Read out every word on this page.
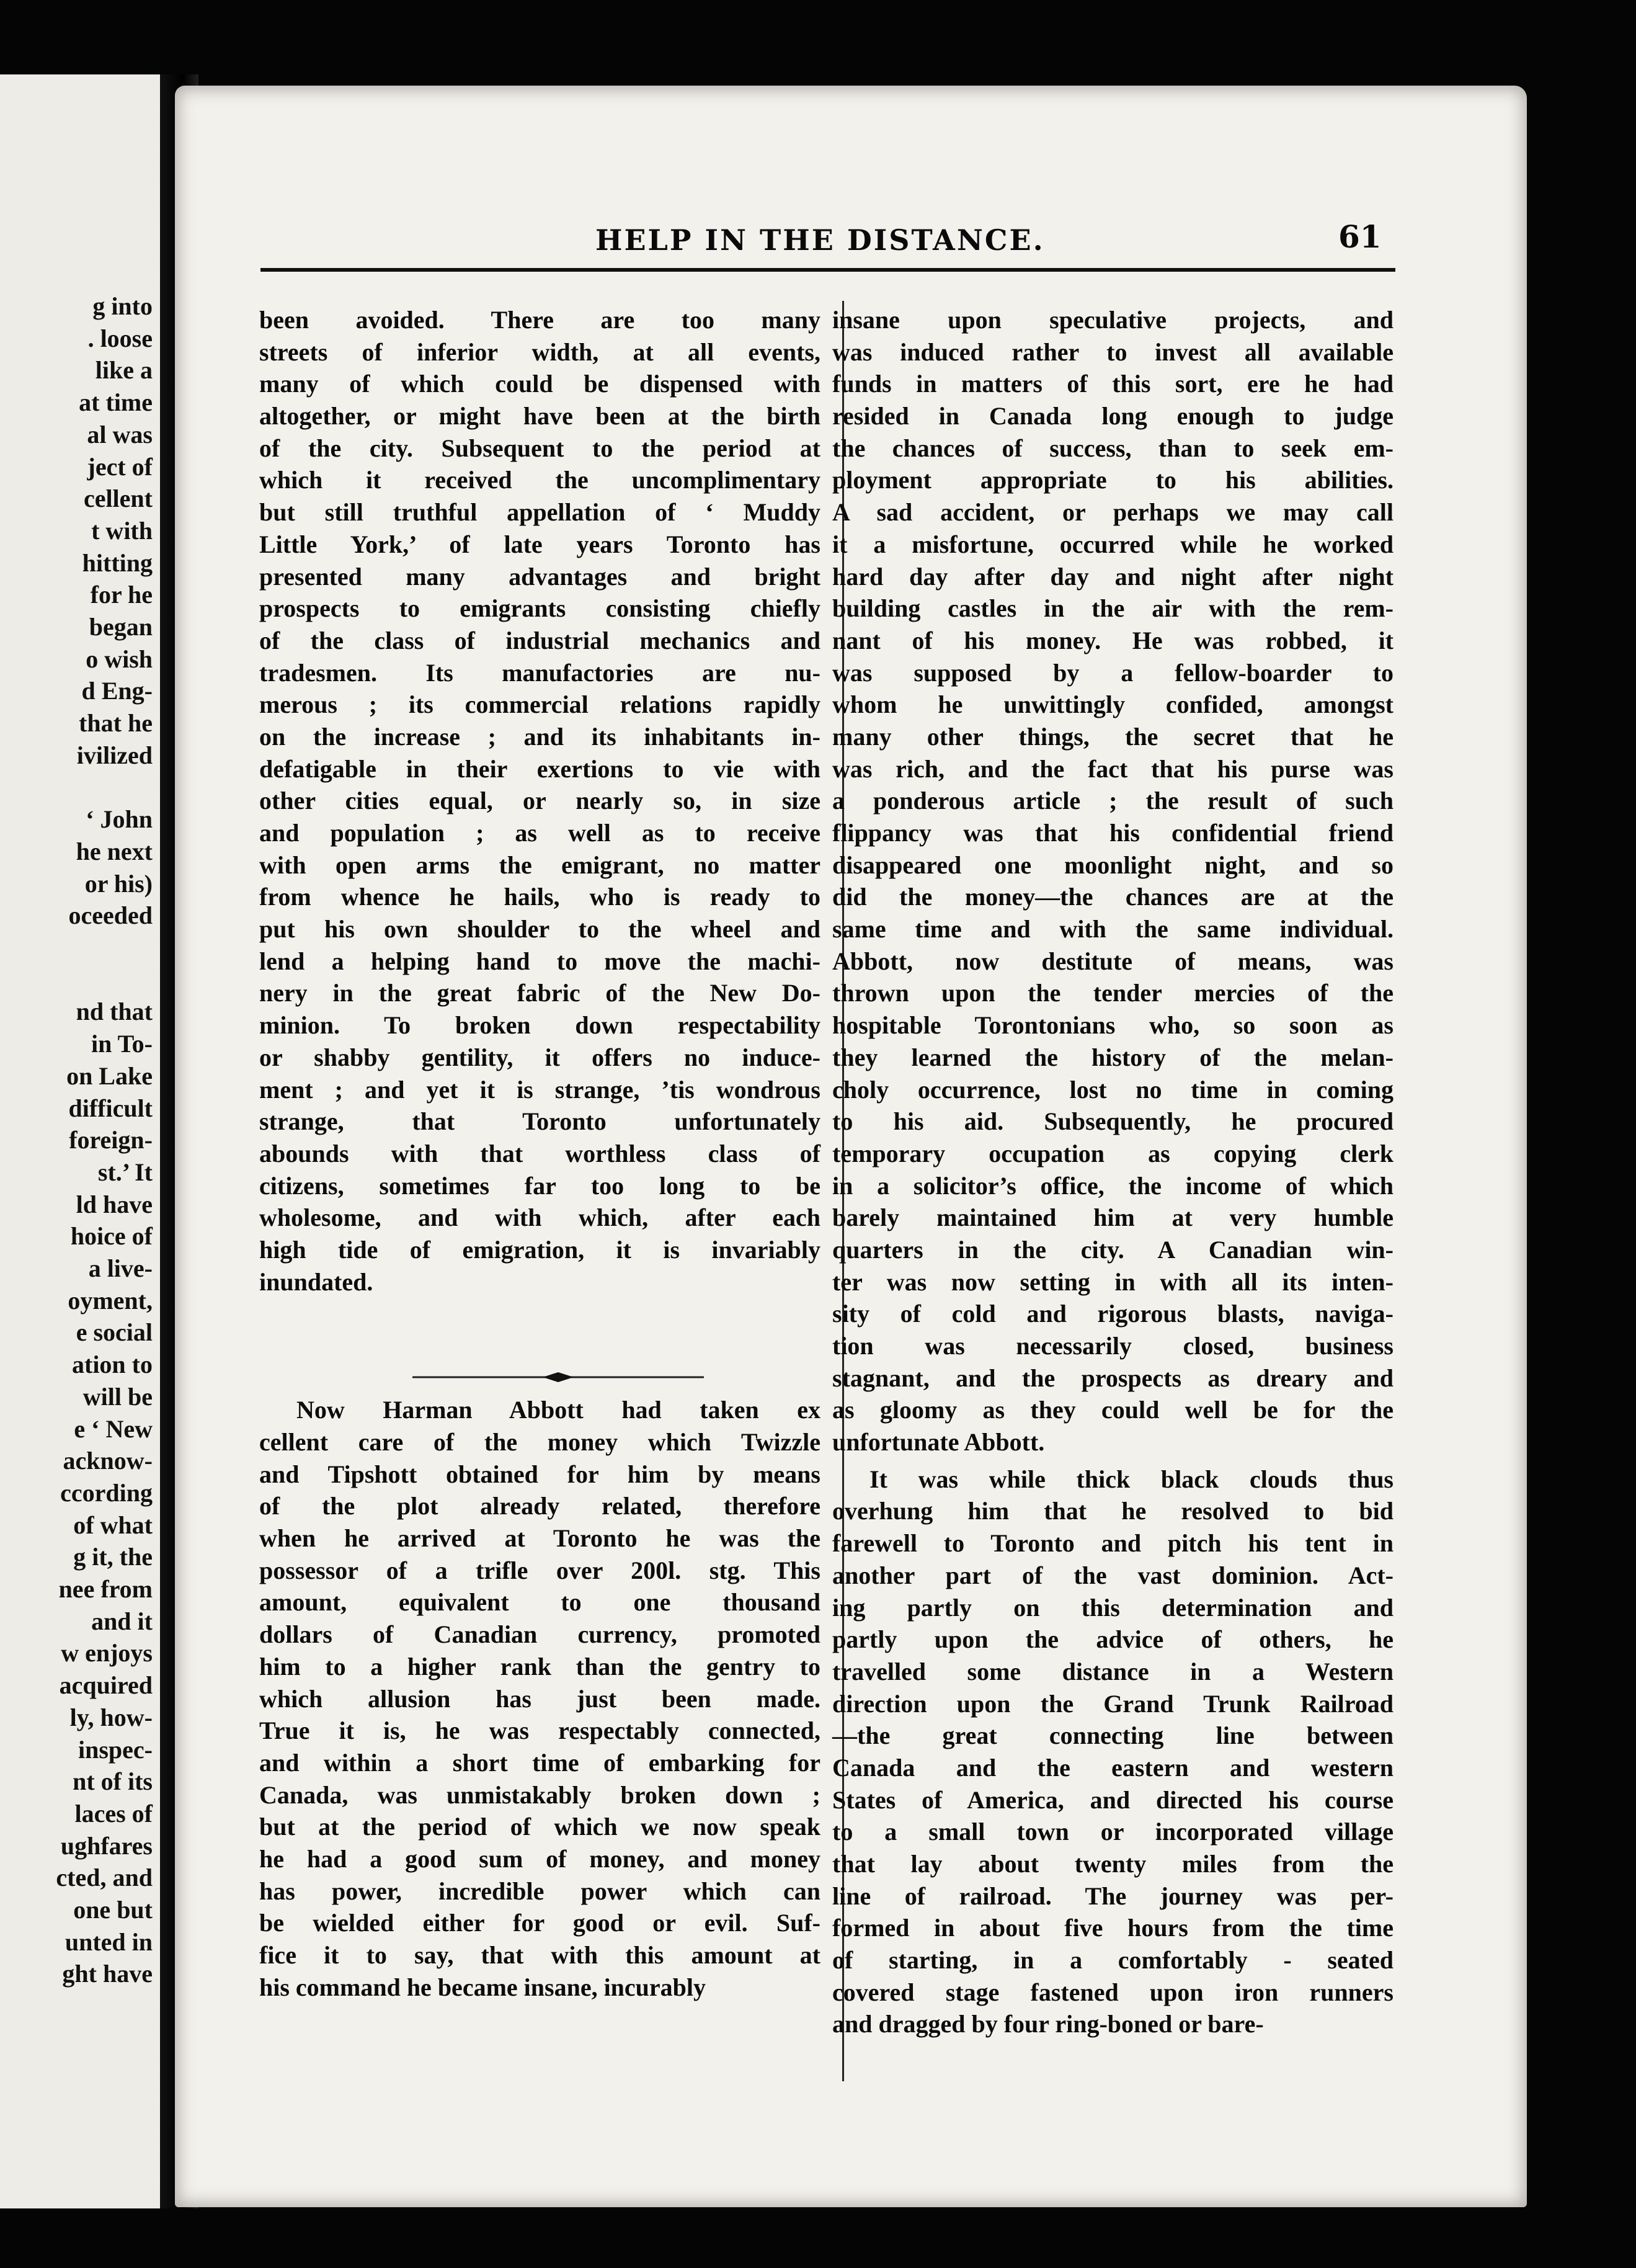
g into
. loose
like a
at time
al was
ject of
cellent
t with
hitting
for he
began
o wish
d Eng-
that he
ivilized
‘ John
he next
or his)
oceeded
nd that
in To-
on Lake
difficult
foreign-
st.’ It
ld have
hoice of
a live-
oyment,
e social
ation to
will be
e ‘ New
acknow-
ccording
of what
g it, the
nee from
and it
w enjoys
acquired
ly, how-
inspec-
nt of its
laces of
ughfares
cted, and
one but
unted in
ght have
HELP IN THE DISTANCE.	61
been avoided. There are too many
streets of inferior width, at all events,
many of which could be dispensed with
altogether, or might have been at the birth
of the city. Subsequent to the period at
which it received the uncomplimentary
but still truthful appellation of ‘ Muddy
Little York,’ of late years Toronto has
presented many advantages and bright
prospects to emigrants consisting chiefly
of the class of industrial mechanics and
tradesmen. Its manufactories are nu-
merous ; its commercial relations rapidly
on the increase ; and its inhabitants in-
defatigable in their exertions to vie with
other cities equal, or nearly so, in size
and population ; as well as to receive
with open arms the emigrant, no matter
from whence he hails, who is ready to
put his own shoulder to the wheel and
lend a helping hand to move the machi-
nery in the great fabric of the New Do-
minion. To broken down respectability
or shabby gentility, it offers no induce-
ment ; and yet it is strange, ’tis wondrous
strange, that Toronto unfortunately
abounds with that worthless class of
citizens, sometimes far too long to be
wholesome, and with which, after each
high tide of emigration, it is invariably
inundated.
Now Harman Abbott had taken ex
cellent care of the money which Twizzle
and Tipshott obtained for him by means
of the plot already related, therefore
when he arrived at Toronto he was the
possessor of a trifle over 200l. stg. This
amount, equivalent to one thousand
dollars of Canadian currency, promoted
him to a higher rank than the gentry to
which allusion has just been made.
True it is, he was respectably connected,
and within a short time of embarking for
Canada, was unmistakably broken down ;
but at the period of which we now speak
he had a good sum of money, and money
has power, incredible power which can
be wielded either for good or evil. Suf-
fice it to say, that with this amount at
his command he became insane, incurably
insane upon speculative projects, and
was induced rather to invest all available
funds in matters of this sort, ere he had
resided in Canada long enough to judge
the chances of success, than to seek em-
ployment appropriate to his abilities.
A sad accident, or perhaps we may call
it a misfortune, occurred while he worked
hard day after day and night after night
building castles in the air with the rem-
nant of his money. He was robbed, it
was supposed by a fellow-boarder to
whom he unwittingly confided, amongst
many other things, the secret that he
was rich, and the fact that his purse was
a ponderous article ; the result of such
flippancy was that his confidential friend
disappeared one moonlight night, and so
did the money—the chances are at the
same time and with the same individual.
Abbott, now destitute of means, was
thrown upon the tender mercies of the
hospitable Torontonians who, so soon as
they learned the history of the melan-
choly occurrence, lost no time in coming
to his aid. Subsequently, he procured
temporary occupation as copying clerk
in a solicitor’s office, the income of which
barely maintained him at very humble
quarters in the city. A Canadian win-
ter was now setting in with all its inten-
sity of cold and rigorous blasts, naviga-
tion was necessarily closed, business
stagnant, and the prospects as dreary and
as gloomy as they could well be for the
unfortunate Abbott.
It was while thick black clouds thus
overhung him that he resolved to bid
farewell to Toronto and pitch his tent in
another part of the vast dominion. Act-
ing partly on this determination and
partly upon the advice of others, he
travelled some distance in a Western
direction upon the Grand Trunk Railroad
—the great connecting line between
Canada and the eastern and western
States of America, and directed his course
to a small town or incorporated village
that lay about twenty miles from the
line of railroad. The journey was per-
formed in about five hours from the time
of starting, in a comfortably - seated
covered stage fastened upon iron runners
and dragged by four ring-boned or bare-
